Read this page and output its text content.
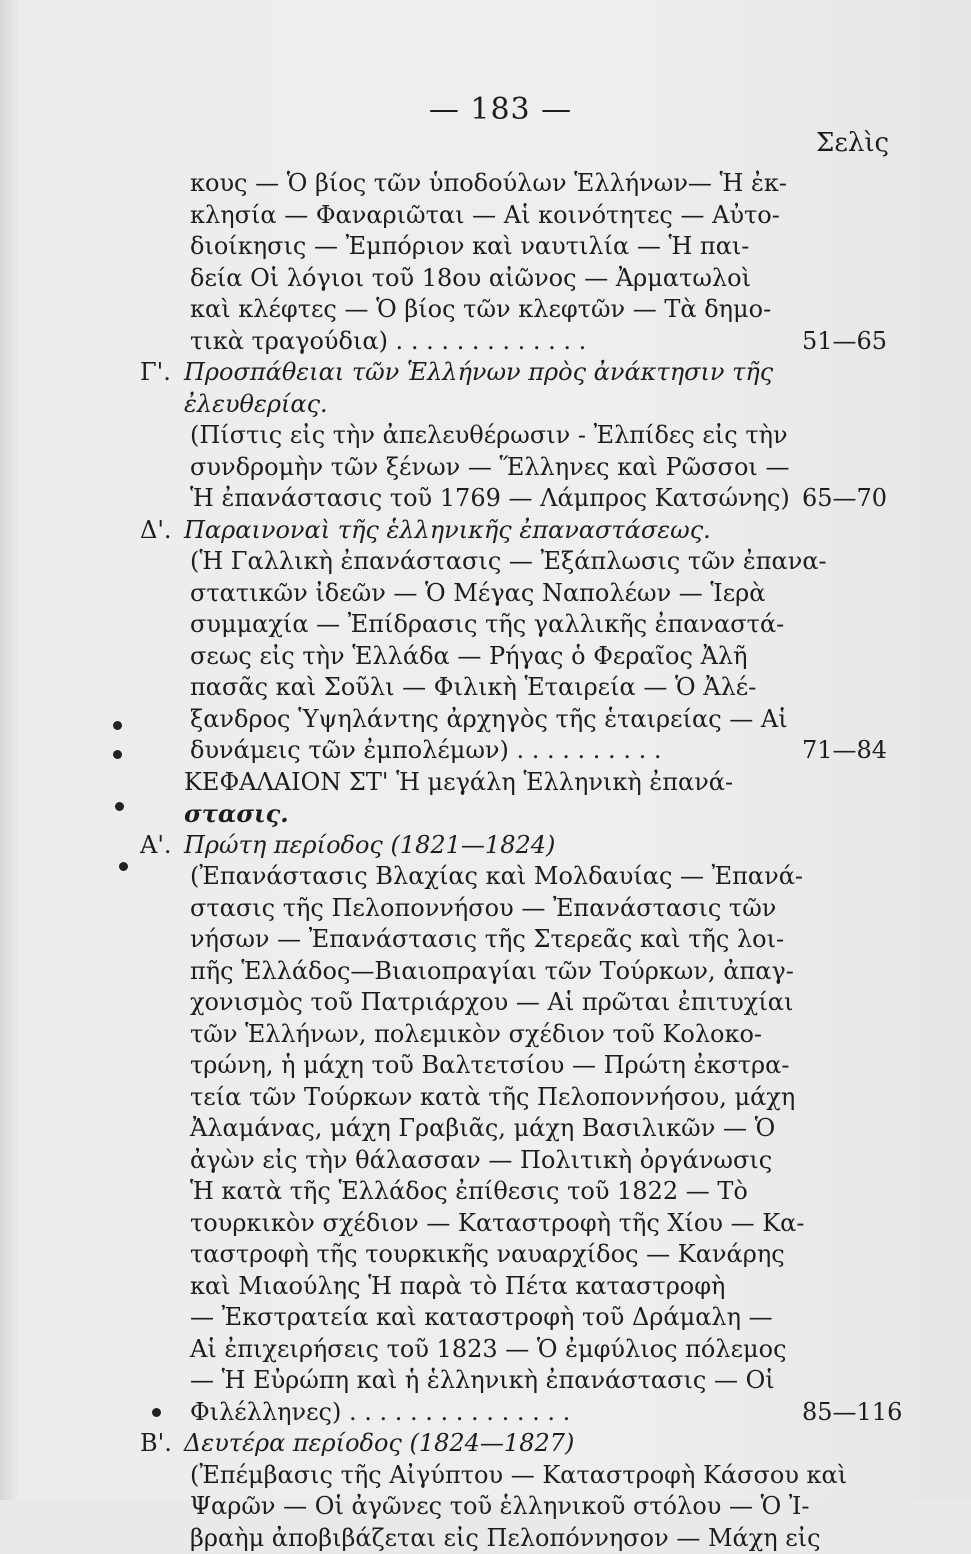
— 183 —
Σελὶς
κους — Ὁ βίος τῶν ὑποδούλων Ἑλλήνων— Ἡ ἐκ-
κλησία — Φαναριῶται — Αἱ κοινότητες — Αὐτο-
διοίκησις — Ἐμπόριον καὶ ναυτιλία — Ἡ παι-
δεία Οἱ λόγιοι τοῦ 18ου αἰῶνος — Ἀρματωλοὶ
καὶ κλέφτες — Ὁ βίος τῶν κλεφτῶν — Τὰ δημο-
τικὰ τραγούδια) . . . . . . . . . . . . .	51—65
Γ'. Προσπάθειαι τῶν Ἑλλήνων πρὸς ἀνάκτησιν τῆς
ἐλευθερίας.
(Πίστις εἰς τὴν ἀπελευθέρωσιν - Ἐλπίδες εἰς τὴν
συνδρομὴν τῶν ξένων — Ἕλληνες καὶ Ρῶσσοι —
Ἡ ἐπανάστασις τοῦ 1769 — Λάμπρος Κατσώνης) 65—70
Δ'. Παραινοναὶ τῆς ἑλληνικῆς ἐπαναστάσεως.
(Ἡ Γαλλικὴ ἐπανάστασις — Ἐξάπλωσις τῶν ἐπανα-
στατικῶν ἰδεῶν — Ὁ Μέγας Ναπολέων — Ἱερὰ
συμμαχία — Ἐπίδρασις τῆς γαλλικῆς ἐπαναστά-
σεως εἰς τὴν Ἑλλάδα — Ρήγας ὁ Φεραῖος Ἀλῆ
πασᾶς καὶ Σοῦλι — Φιλικὴ Ἑταιρεία — Ὁ Ἀλέ-
ξανδρος Ὑψηλάντης ἀρχηγὸς τῆς ἑταιρείας — Αἱ
δυνάμεις τῶν ἐμπολέμων) . . . . . . . . . .	71—84
ΚΕΦΑΛΑΙΟΝ ΣΤ' Ἡ μεγάλη Ἑλληνικὴ ἐπανά-
στασις.
Α'. Πρώτη περίοδος (1821—1824)
(Ἐπανάστασις Βλαχίας καὶ Μολδαυίας — Ἐπανά-
στασις τῆς Πελοποννήσου — Ἐπανάστασις τῶν
νήσων — Ἐπανάστασις τῆς Στερεᾶς καὶ τῆς λοι-
πῆς Ἑλλάδος—Βιαιοπραγίαι τῶν Τούρκων, ἀπαγ-
χονισμὸς τοῦ Πατριάρχου — Αἱ πρῶται ἐπιτυχίαι
τῶν Ἑλλήνων, πολεμικὸν σχέδιον τοῦ Κολοκο-
τρώνη, ἡ μάχη τοῦ Βαλτετσίου — Πρώτη ἐκστρα-
τεία τῶν Τούρκων κατὰ τῆς Πελοποννήσου, μάχη
Ἀλαμάνας, μάχη Γραβιᾶς, μάχη Βασιλικῶν — Ὁ
ἀγὼν εἰς τὴν θάλασσαν — Πολιτικὴ ὀργάνωσις
Ἡ κατὰ τῆς Ἑλλάδος ἐπίθεσις τοῦ 1822 — Τὸ
τουρκικὸν σχέδιον — Καταστροφὴ τῆς Χίου — Κα-
ταστροφὴ τῆς τουρκικῆς ναυαρχίδος — Κανάρης
καὶ Μιαούλης Ἡ παρὰ τὸ Πέτα καταστροφὴ
— Ἐκστρατεία καὶ καταστροφὴ τοῦ Δράμαλη —
Αἱ ἐπιχειρήσεις τοῦ 1823 — Ὁ ἐμφύλιος πόλεμος
— Ἡ Εὐρώπη καὶ ἡ ἑλληνικὴ ἐπανάστασις — Οἱ
Φιλέλληνες) . . . . . . . . . . . . . . .	85—116
Β'. Δευτέρα περίοδος (1824—1827)
(Ἐπέμβασις τῆς Αἰγύπτου — Καταστροφὴ Κάσσου καὶ
Ψαρῶν — Οἱ ἀγῶνες τοῦ ἑλληνικοῦ στόλου — Ὁ Ἰ-
βραὴμ ἀποβιβάζεται εἰς Πελοπόννησον — Μάχη εἰς
